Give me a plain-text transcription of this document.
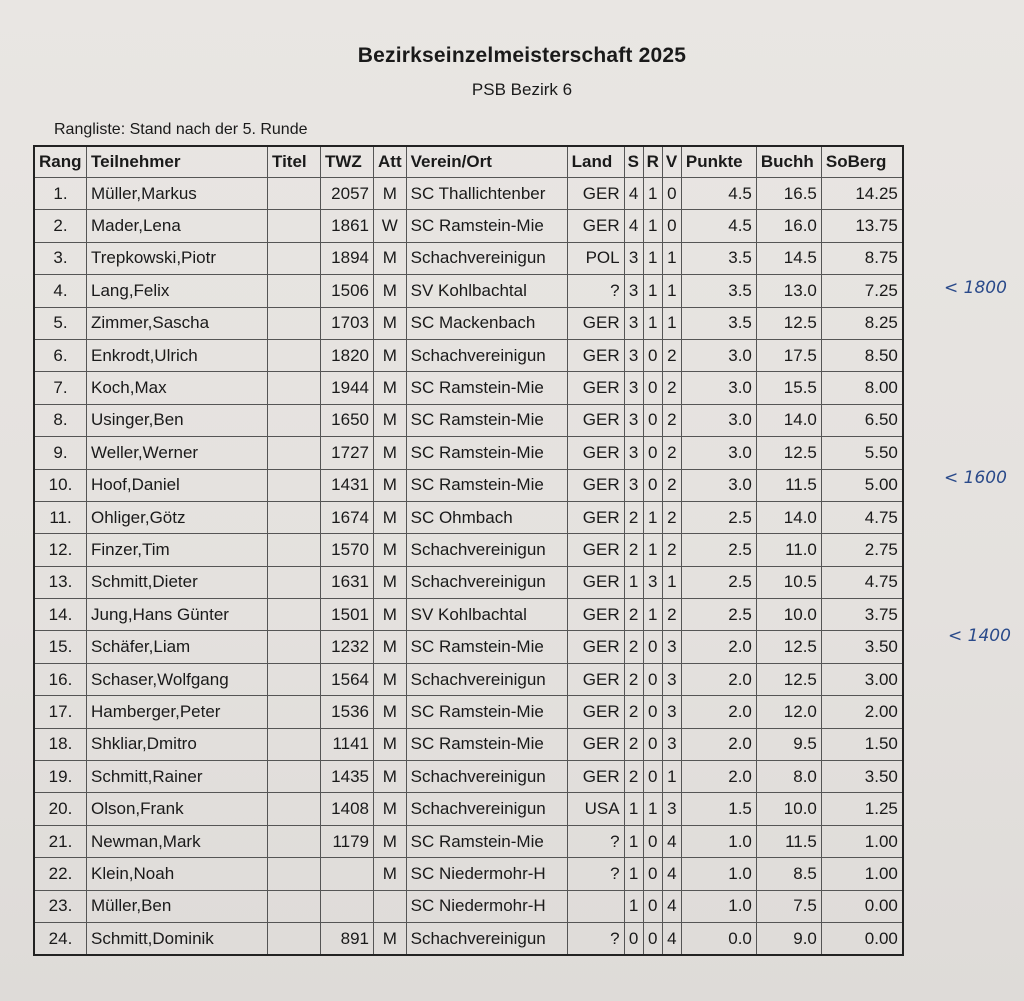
Bezirkseinzelmeisterschaft 2025
PSB Bezirk 6
Rangliste: Stand nach der 5. Runde
Rang	Teilnehmer	Titel	TWZ	Att	Verein/Ort	Land	S	R	V	Punkte	Buchh	SoBerg
1.	Müller,Markus		2057	M	SC Thallichtenber	GER	4	1	0	4.5	16.5	14.25
2.	Mader,Lena		1861	W	SC Ramstein-Mie	GER	4	1	0	4.5	16.0	13.75
3.	Trepkowski,Piotr		1894	M	Schachvereinigun	POL	3	1	1	3.5	14.5	8.75
4.	Lang,Felix		1506	M	SV Kohlbachtal	?	3	1	1	3.5	13.0	7.25
5.	Zimmer,Sascha		1703	M	SC Mackenbach	GER	3	1	1	3.5	12.5	8.25
6.	Enkrodt,Ulrich		1820	M	Schachvereinigun	GER	3	0	2	3.0	17.5	8.50
7.	Koch,Max		1944	M	SC Ramstein-Mie	GER	3	0	2	3.0	15.5	8.00
8.	Usinger,Ben		1650	M	SC Ramstein-Mie	GER	3	0	2	3.0	14.0	6.50
9.	Weller,Werner		1727	M	SC Ramstein-Mie	GER	3	0	2	3.0	12.5	5.50
10.	Hoof,Daniel		1431	M	SC Ramstein-Mie	GER	3	0	2	3.0	11.5	5.00
11.	Ohliger,Götz		1674	M	SC Ohmbach	GER	2	1	2	2.5	14.0	4.75
12.	Finzer,Tim		1570	M	Schachvereinigun	GER	2	1	2	2.5	11.0	2.75
13.	Schmitt,Dieter		1631	M	Schachvereinigun	GER	1	3	1	2.5	10.5	4.75
14.	Jung,Hans Günter		1501	M	SV Kohlbachtal	GER	2	1	2	2.5	10.0	3.75
15.	Schäfer,Liam		1232	M	SC Ramstein-Mie	GER	2	0	3	2.0	12.5	3.50
16.	Schaser,Wolfgang		1564	M	Schachvereinigun	GER	2	0	3	2.0	12.5	3.00
17.	Hamberger,Peter		1536	M	SC Ramstein-Mie	GER	2	0	3	2.0	12.0	2.00
18.	Shkliar,Dmitro		1141	M	SC Ramstein-Mie	GER	2	0	3	2.0	9.5	1.50
19.	Schmitt,Rainer		1435	M	Schachvereinigun	GER	2	0	1	2.0	8.0	3.50
20.	Olson,Frank		1408	M	Schachvereinigun	USA	1	1	3	1.5	10.0	1.25
21.	Newman,Mark		1179	M	SC Ramstein-Mie	?	1	0	4	1.0	11.5	1.00
22.	Klein,Noah			M	SC Niedermohr-H	?	1	0	4	1.0	8.5	1.00
23.	Müller,Ben				SC Niedermohr-H		1	0	4	1.0	7.5	0.00
24.	Schmitt,Dominik		891	M	Schachvereinigun	?	0	0	4	0.0	9.0	0.00
< 1800
< 1600
< 1400
